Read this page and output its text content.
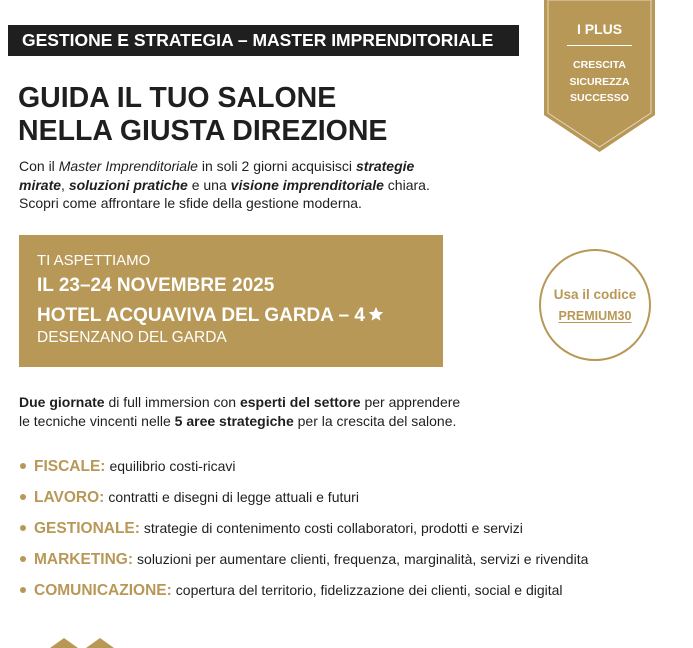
GESTIONE E STRATEGIA – MASTER IMPRENDITORIALE
I PLUS
CRESCITA
SICUREZZA
SUCCESSO
GUIDA IL TUO SALONE
NELLA GIUSTA DIREZIONE
Con il Master Imprenditoriale in soli 2 giorni acquisisci strategie
mirate, soluzioni pratiche e una visione imprenditoriale chiara.
Scopri come affrontare le sfide della gestione moderna.
TI ASPETTIAMO
IL 23–24 NOVEMBRE 2025
HOTEL ACQUAVIVA DEL GARDA – 4
DESENZANO DEL GARDA
Usa il codice
PREMIUM30
Due giornate di full immersion con esperti del settore per apprendere
le tecniche vincenti nelle 5 aree strategiche per la crescita del salone.
FISCALE: equilibrio costi-ricavi
LAVORO: contratti e disegni di legge attuali e futuri
GESTIONALE: strategie di contenimento costi collaboratori, prodotti e servizi
MARKETING: soluzioni per aumentare clienti, frequenza, marginalità, servizi e rivendita
COMUNICAZIONE: copertura del territorio, fidelizzazione dei clienti, social e digital
